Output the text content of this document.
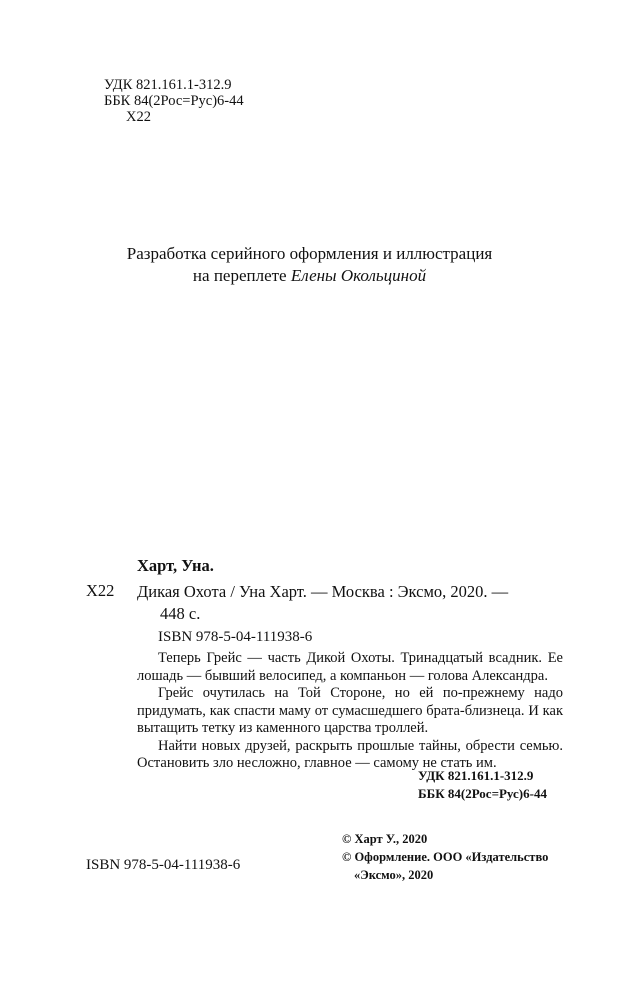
УДК 821.161.1-312.9
ББК 84(2Рос=Рус)6-44
Х22
Разработка серийного оформления и иллюстрация
на переплете Елены Окольциной
Харт, Уна.
Х22 Дикая Охота / Уна Харт. — Москва : Эксмо, 2020. —
448 с.
ISBN 978-5-04-111938-6

Теперь Грейс — часть Дикой Охоты. Тринадцатый всадник. Ее лошадь — бывший велосипед, а компаньон — голова Александра.

Грейс очутилась на Той Стороне, но ей по-прежнему надо придумать, как спасти маму от сумасшедшего брата-близнеца. И как вытащить тетку из каменного царства троллей.

Найти новых друзей, раскрыть прошлые тайны, обрести семью. Остановить зло несложно, главное — самому не стать им.

УДК 821.161.1-312.9
ББК 84(2Рос=Рус)6-44
© Харт У., 2020
© Оформление. ООО «Издательство
«Эксмо», 2020
ISBN 978-5-04-111938-6
